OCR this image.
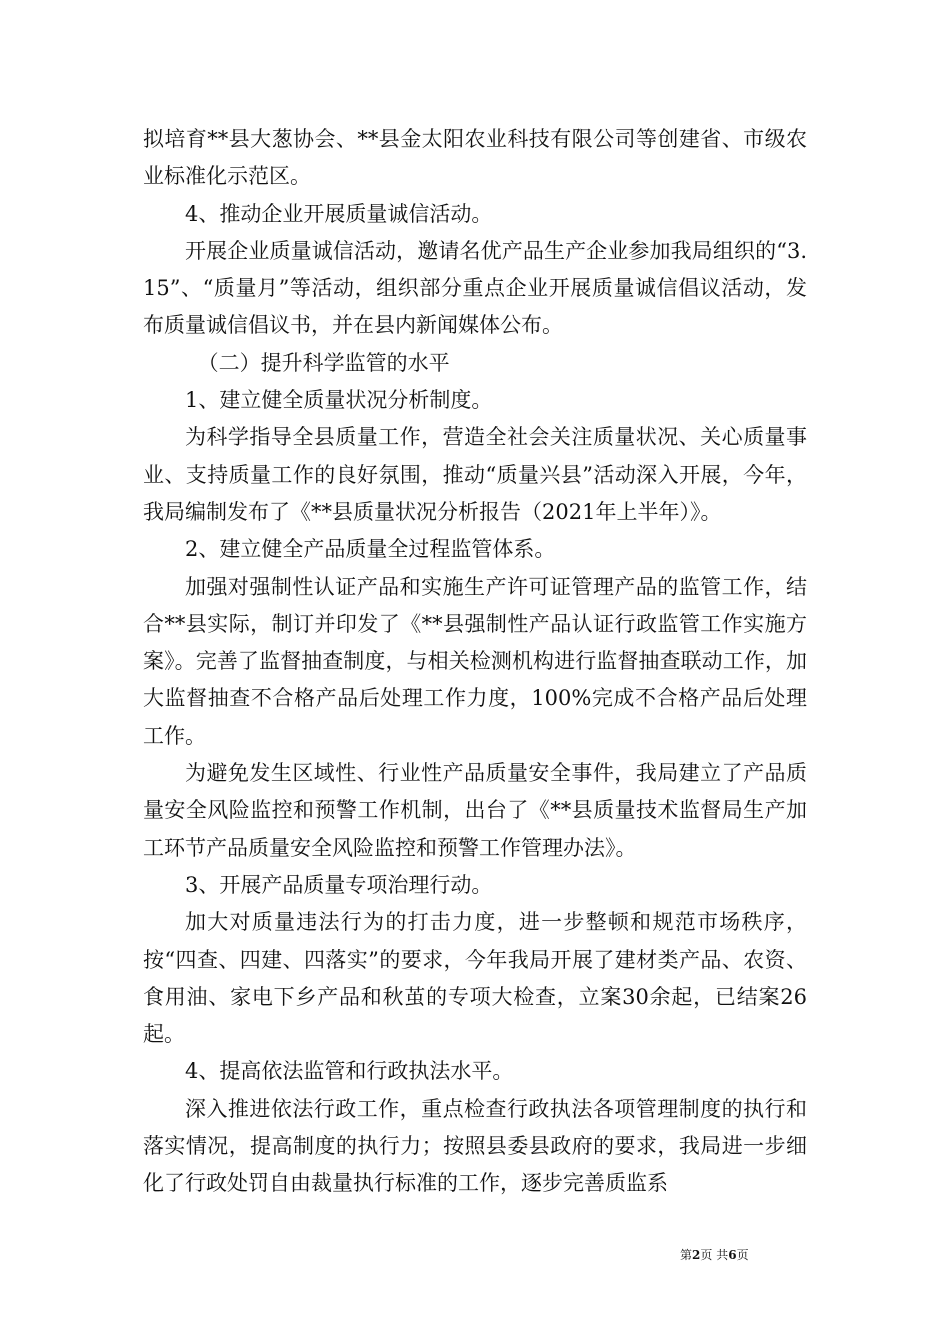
拟培育**县大葱协会、**县金太阳农业科技有限公司等创建省、市级农业标准化示范区。

4、推动企业开展质量诚信活动。

开展企业质量诚信活动，邀请名优产品生产企业参加我局组织的“3.15”、“质量月”等活动，组织部分重点企业开展质量诚信倡议活动，发布质量诚信倡议书，并在县内新闻媒体公布。

（二）提升科学监管的水平

1、建立健全质量状况分析制度。

为科学指导全县质量工作，营造全社会关注质量状况、关心质量事业、支持质量工作的良好氛围，推动“质量兴县”活动深入开展，今年，我局编制发布了《**县质量状况分析报告（2021年上半年）》。

2、建立健全产品质量全过程监管体系。

加强对强制性认证产品和实施生产许可证管理产品的监管工作，结合**县实际，制订并印发了《**县强制性产品认证行政监管工作实施方案》。完善了监督抽查制度，与相关检测机构进行监督抽查联动工作，加大监督抽查不合格产品后处理工作力度，100%完成不合格产品后处理工作。

为避免发生区域性、行业性产品质量安全事件，我局建立了产品质量安全风险监控和预警工作机制，出台了《**县质量技术监督局生产加工环节产品质量安全风险监控和预警工作管理办法》。

3、开展产品质量专项治理行动。

加大对质量违法行为的打击力度，进一步整顿和规范市场秩序，按“四查、四建、四落实”的要求，今年我局开展了建材类产品、农资、食用油、家电下乡产品和秋茧的专项大检查，立案30余起，已结案26起。

4、提高依法监管和行政执法水平。

深入推进依法行政工作，重点检查行政执法各项管理制度的执行和落实情况，提高制度的执行力；按照县委县政府的要求，我局进一步细化了行政处罚自由裁量执行标准的工作，逐步完善质监系

第2页 共6页
